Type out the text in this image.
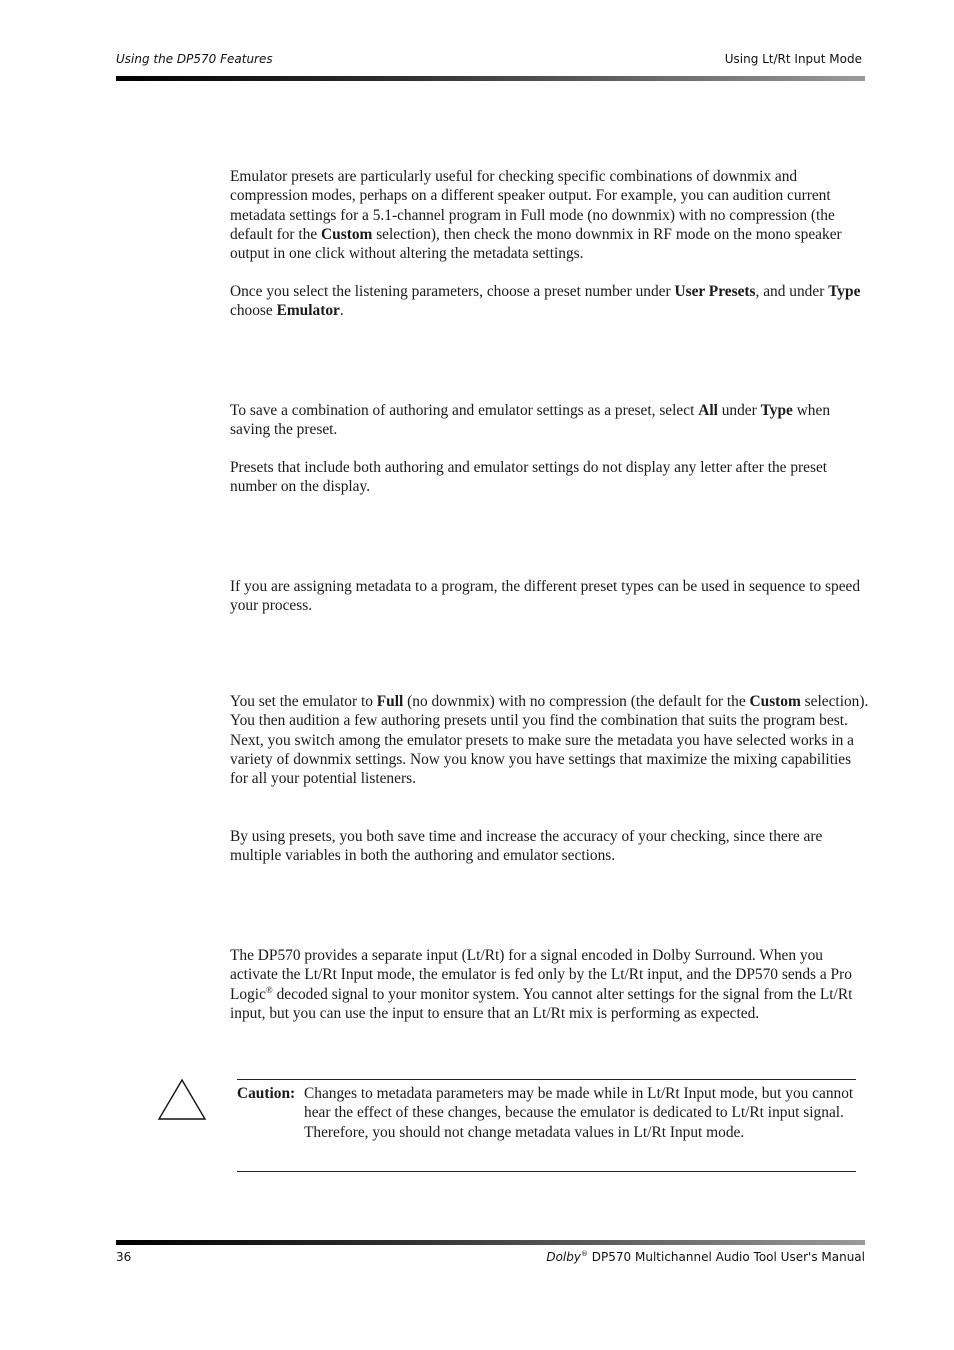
Using the DP570 Features	Using Lt/Rt Input Mode

Emulator presets are particularly useful for checking specific combinations of downmix and compression modes, perhaps on a different speaker output. For example, you can audition current metadata settings for a 5.1-channel program in Full mode (no downmix) with no compression (the default for the Custom selection), then check the mono downmix in RF mode on the mono speaker output in one click without altering the metadata settings.

Once you select the listening parameters, choose a preset number under User Presets, and under Type choose Emulator.

To save a combination of authoring and emulator settings as a preset, select All under Type when saving the preset.

Presets that include both authoring and emulator settings do not display any letter after the preset number on the display.

If you are assigning metadata to a program, the different preset types can be used in sequence to speed your process.

You set the emulator to Full (no downmix) with no compression (the default for the Custom selection). You then audition a few authoring presets until you find the combination that suits the program best. Next, you switch among the emulator presets to make sure the metadata you have selected works in a variety of downmix settings. Now you know you have settings that maximize the mixing capabilities for all your potential listeners.

By using presets, you both save time and increase the accuracy of your checking, since there are multiple variables in both the authoring and emulator sections.

The DP570 provides a separate input (Lt/Rt) for a signal encoded in Dolby Surround. When you activate the Lt/Rt Input mode, the emulator is fed only by the Lt/Rt input, and the DP570 sends a Pro Logic® decoded signal to your monitor system. You cannot alter settings for the signal from the Lt/Rt input, but you can use the input to ensure that an Lt/Rt mix is performing as expected.

Caution: Changes to metadata parameters may be made while in Lt/Rt Input mode, but you cannot hear the effect of these changes, because the emulator is dedicated to Lt/Rt input signal. Therefore, you should not change metadata values in Lt/Rt Input mode.
36	Dolby® DP570 Multichannel Audio Tool User's Manual
